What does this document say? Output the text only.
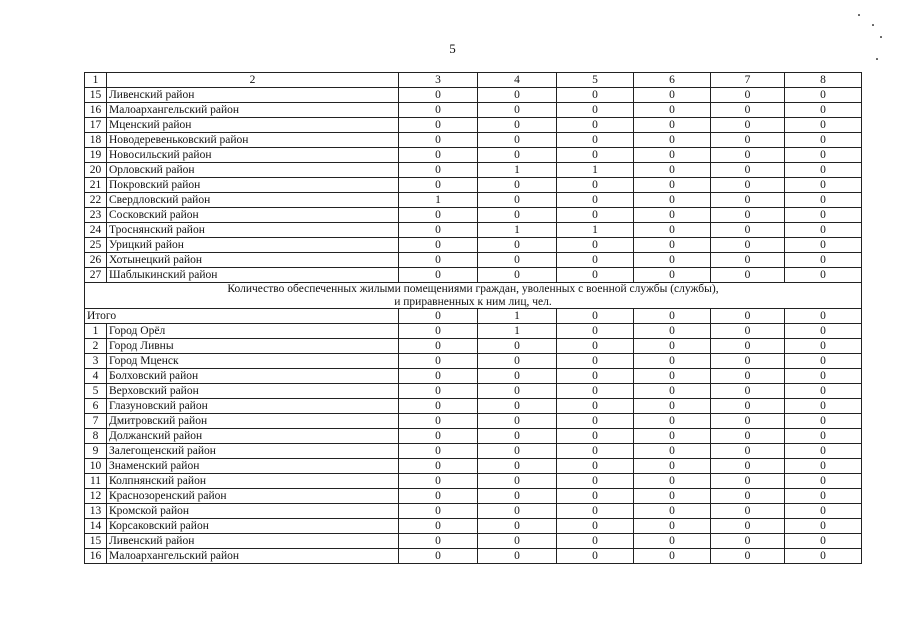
5
1	2	3	4	5	6	7	8
15	Ливенский район	0	0	0	0	0	0
16	Малоархангельский район	0	0	0	0	0	0
17	Мценский район	0	0	0	0	0	0
18	Новодеревеньковский район	0	0	0	0	0	0
19	Новосильский район	0	0	0	0	0	0
20	Орловский район	0	1	1	0	0	0
21	Покровский район	0	0	0	0	0	0
22	Свердловский район	1	0	0	0	0	0
23	Сосковский район	0	0	0	0	0	0
24	Троснянский район	0	1	1	0	0	0
25	Урицкий район	0	0	0	0	0	0
26	Хотынецкий район	0	0	0	0	0	0
27	Шаблыкинский район	0	0	0	0	0	0

Количество обеспеченных жилыми помещениями граждан, уволенных с военной службы (службы),
и приравненных к ним лиц, чел.							

Итого		0	1	0	0	0	0
1	Город Орёл	0	1	0	0	0	0
2	Город Ливны	0	0	0	0	0	0
3	Город Мценск	0	0	0	0	0	0
4	Болховский район	0	0	0	0	0	0
5	Верховский район	0	0	0	0	0	0
6	Глазуновский район	0	0	0	0	0	0
7	Дмитровский район	0	0	0	0	0	0
8	Должанский район	0	0	0	0	0	0
9	Залегощенский район	0	0	0	0	0	0
10	Знаменский район	0	0	0	0	0	0
11	Колпнянский район	0	0	0	0	0	0
12	Краснозоренский район	0	0	0	0	0	0
13	Кромской район	0	0	0	0	0	0
14	Корсаковский район	0	0	0	0	0	0
15	Ливенский район	0	0	0	0	0	0
16	Малоархангельский район	0	0	0	0	0	0
